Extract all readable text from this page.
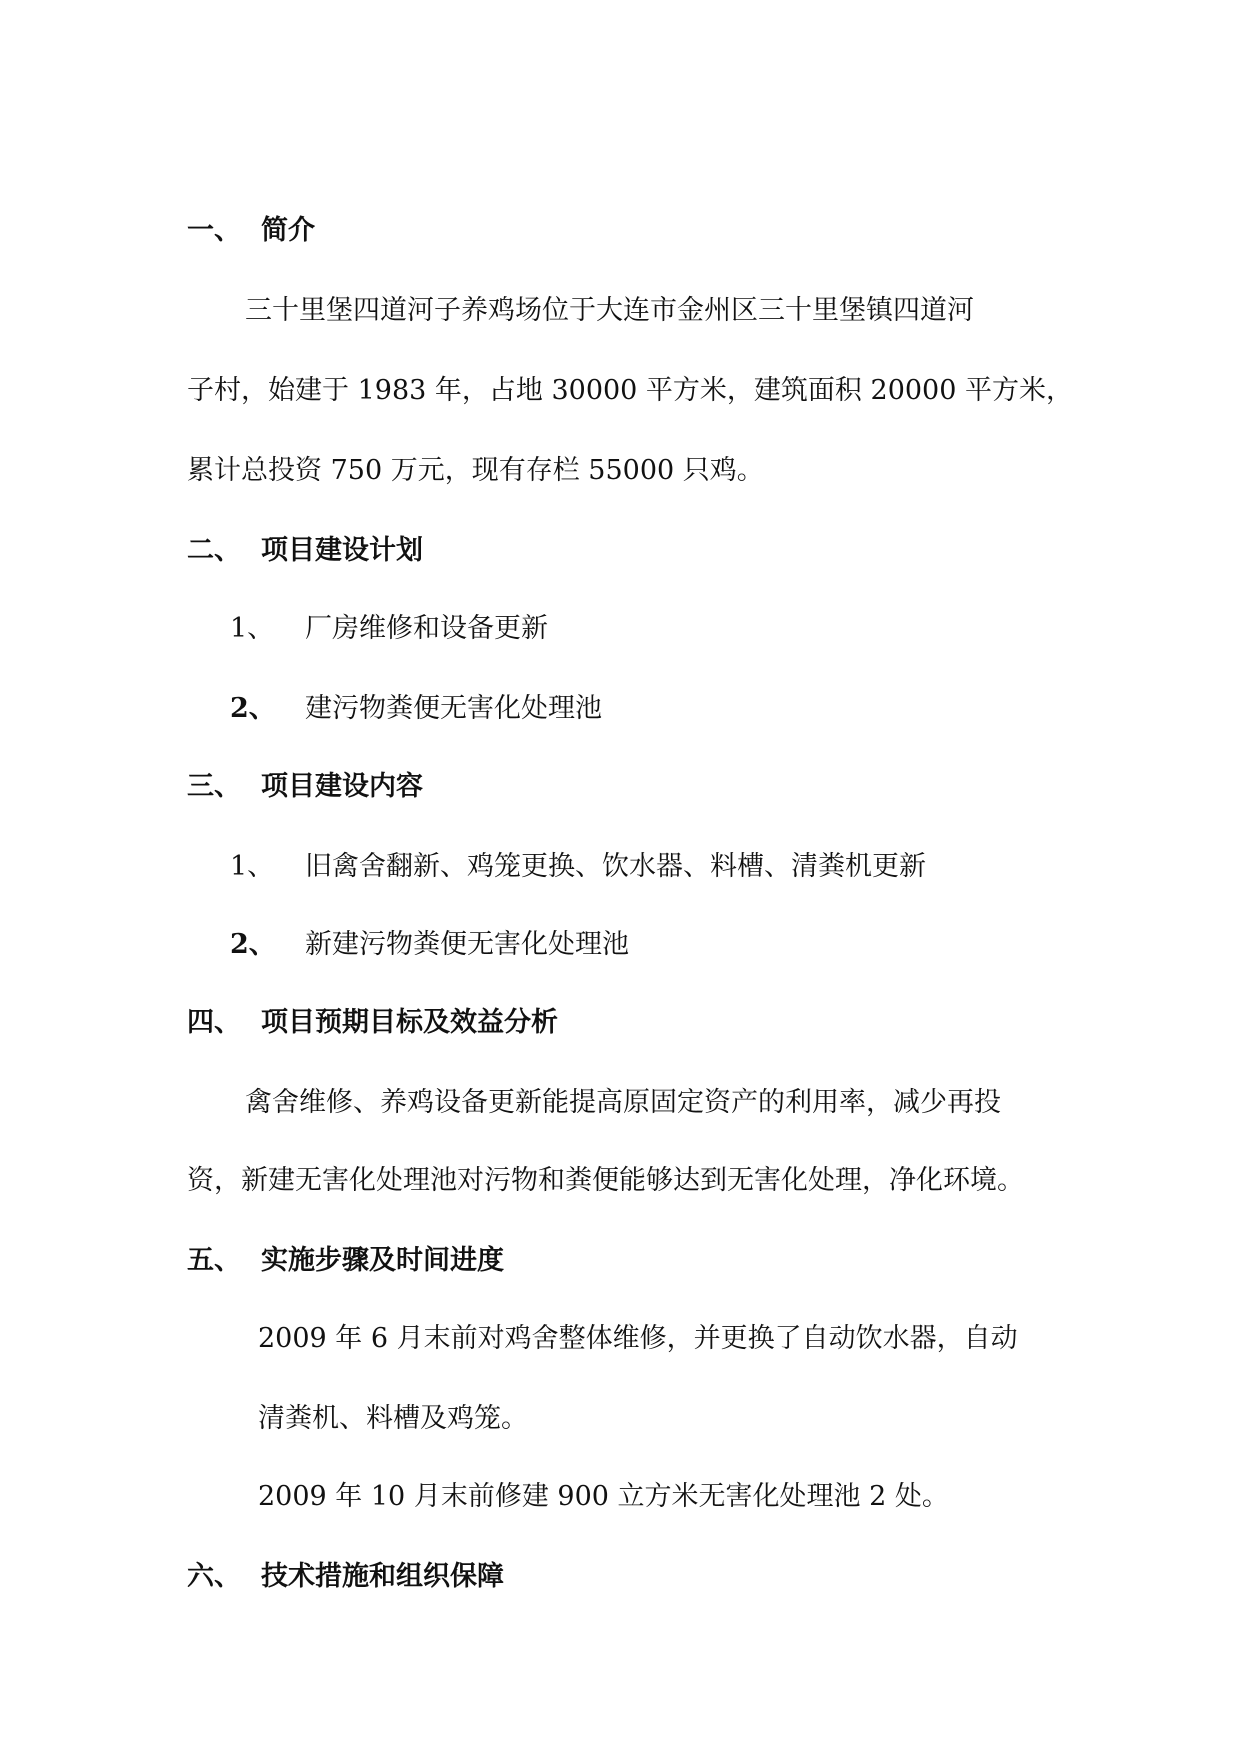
一、 简介

三十里堡四道河子养鸡场位于大连市金州区三十里堡镇四道河

子村，始建于 1983 年，占地 30000 平方米，建筑面积 20000 平方米，

累计总投资 750 万元，现有存栏 55000 只鸡。

二、 项目建设计划
1、 厂房维修和设备更新
2、 建污物粪便无害化处理池
三、 项目建设内容
1、 旧禽舍翻新、鸡笼更换、饮水器、料槽、清粪机更新
2、 新建污物粪便无害化处理池
四、 项目预期目标及效益分析

禽舍维修、养鸡设备更新能提高原固定资产的利用率，减少再投

资，新建无害化处理池对污物和粪便能够达到无害化处理，净化环境。

五、 实施步骤及时间进度

2009 年 6 月末前对鸡舍整体维修，并更换了自动饮水器，自动

清粪机、料槽及鸡笼。

2009 年 10 月末前修建 900 立方米无害化处理池 2 处。

六、 技术措施和组织保障
